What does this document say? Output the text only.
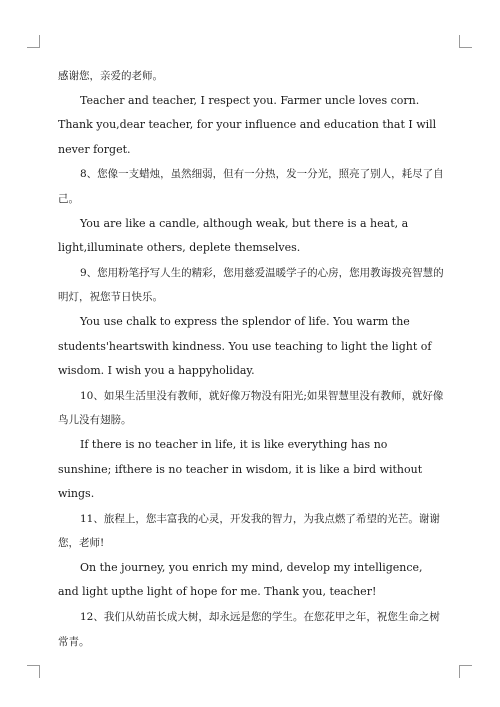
感谢您，亲爱的老师。

Teacher and teacher, I respect you. Farmer uncle loves corn. Thank you,dear teacher, for your influence and education that I will never forget.

8、您像一支蜡烛，虽然细弱，但有一分热，发一分光，照亮了别人，耗尽了自己。

You are like a candle, although weak, but there is a heat, a light,illuminate others, deplete themselves.

9、您用粉笔抒写人生的精彩，您用慈爱温暖学子的心房，您用教诲拨亮智慧的明灯，祝您节日快乐。

You use chalk to express the splendor of life. You warm the students'heartswith kindness. You use teaching to light the light of wisdom. I wish you a happyholiday.

10、如果生活里没有教师，就好像万物没有阳光;如果智慧里没有教师，就好像鸟儿没有翅膀。

If there is no teacher in life, it is like everything has no sunshine; ifthere is no teacher in wisdom, it is like a bird without wings.

11、旅程上，您丰富我的心灵，开发我的智力，为我点燃了希望的光芒。谢谢您，老师!

On the journey, you enrich my mind, develop my intelligence, and light upthe light of hope for me. Thank you, teacher!

12、我们从幼苗长成大树，却永远是您的学生。在您花甲之年，祝您生命之树常青。
